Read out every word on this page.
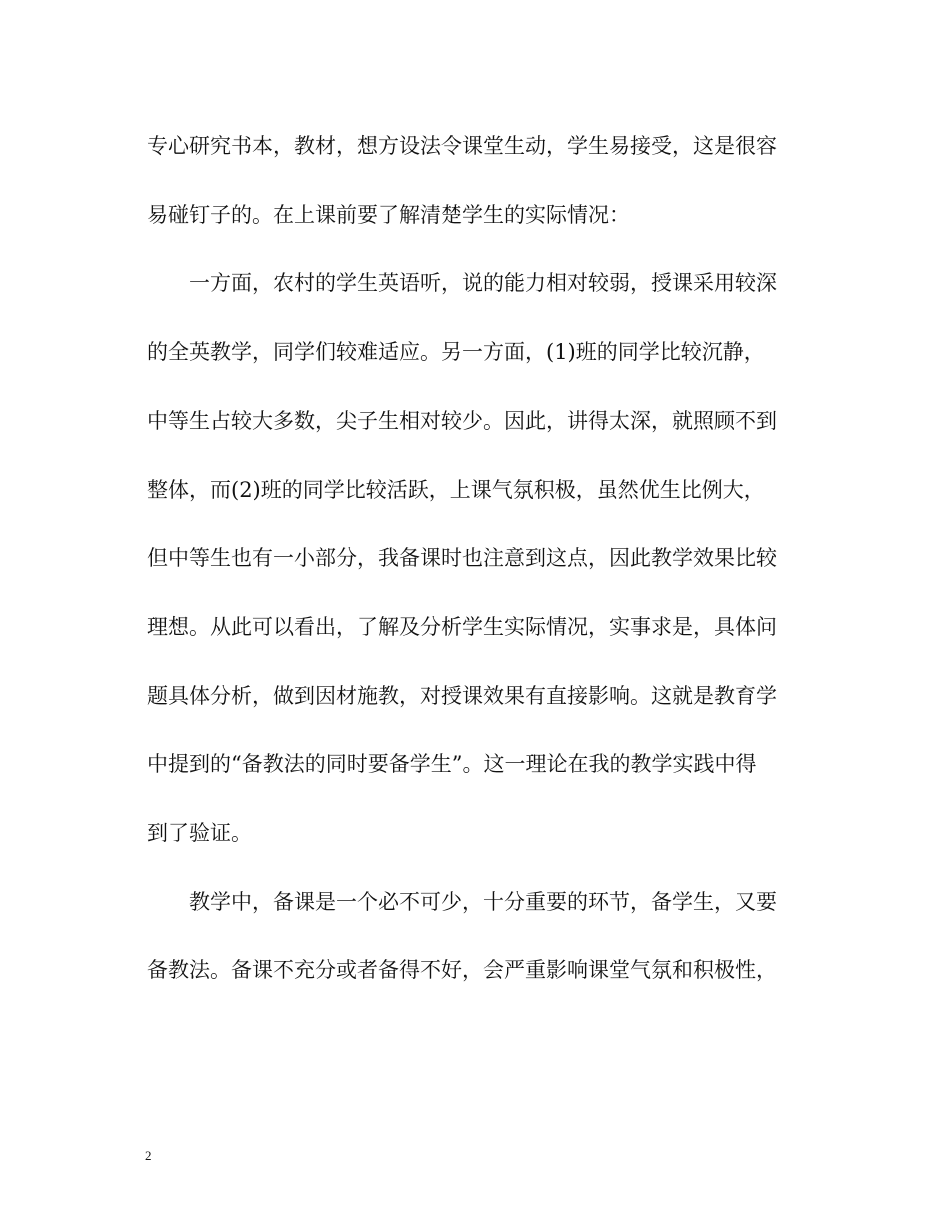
专心研究书本，教材，想方设法令课堂生动，学生易接受，这是很容
易碰钉子的。在上课前要了解清楚学生的实际情况：
一方面，农村的学生英语听，说的能力相对较弱，授课采用较深
的全英教学，同学们较难适应。另一方面，(1)班的同学比较沉静，
中等生占较大多数，尖子生相对较少。因此，讲得太深，就照顾不到
整体，而(2)班的同学比较活跃，上课气氛积极，虽然优生比例大，
但中等生也有一小部分，我备课时也注意到这点，因此教学效果比较
理想。从此可以看出，了解及分析学生实际情况，实事求是，具体问
题具体分析，做到因材施教，对授课效果有直接影响。这就是教育学
中提到的“备教法的同时要备学生”。这一理论在我的教学实践中得
到了验证。
教学中，备课是一个必不可少，十分重要的环节，备学生，又要
备教法。备课不充分或者备得不好，会严重影响课堂气氛和积极性，
2
